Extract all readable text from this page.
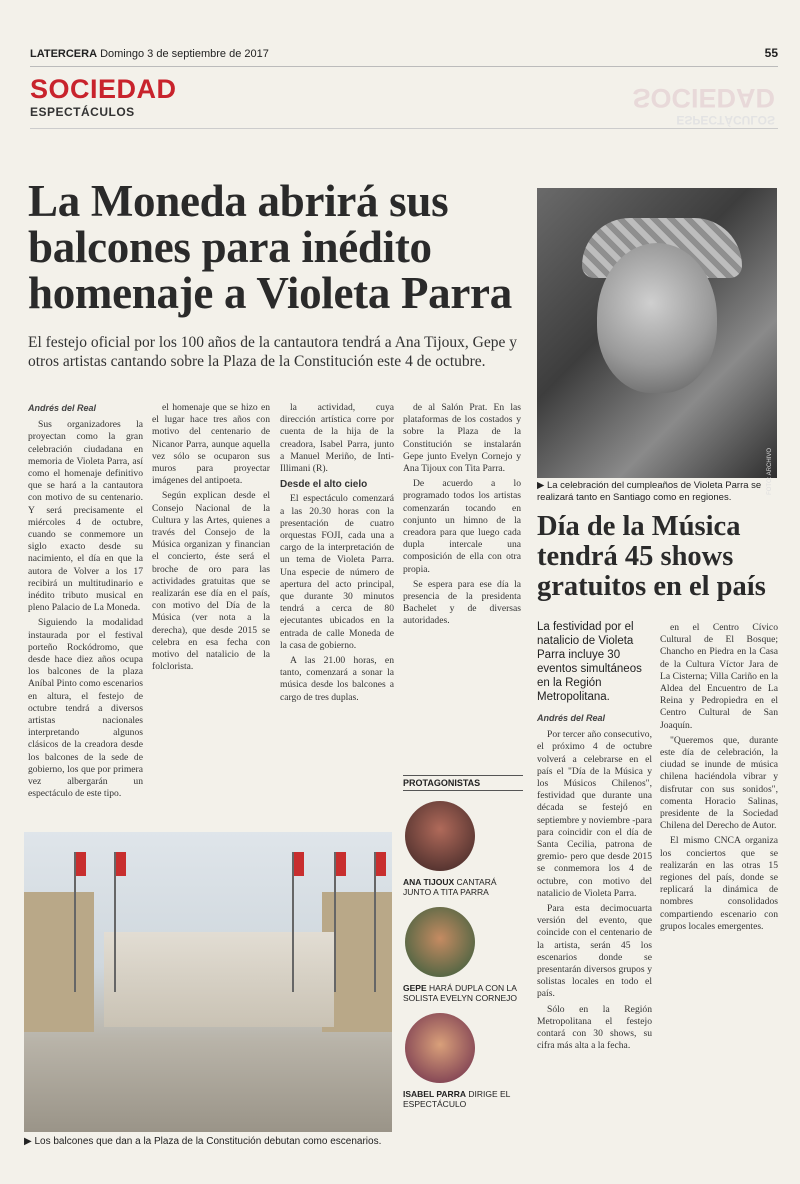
LATERCERA Domingo 3 de septiembre de 2017	55
SOCIEDAD
ESPECTÁCULOS	SOCIEDAD
ESPECTÁCULOS
La Moneda abrirá sus balcones para inédito homenaje a Violeta Parra
El festejo oficial por los 100 años de la cantautora tendrá a Ana Tijoux, Gepe y otros artistas cantando sobre la Plaza de la Constitución este 4 de octubre.
Andrés del Real

Sus organizadores la proyectan como la gran celebración ciudadana en memoria de Violeta Parra, así como el homenaje definitivo que se hará a la cantautora con motivo de su centenario. Y será precisamente el miércoles 4 de octubre, cuando se conmemore un siglo exacto desde su nacimiento, el día en que la autora de Volver a los 17 recibirá un multitudinario e inédito tributo musical en pleno Palacio de La Moneda.

Siguiendo la modalidad instaurada por el festival porteño Rockódromo, que desde hace diez años ocupa los balcones de la plaza Aníbal Pinto como escenarios en altura, el festejo de octubre tendrá a diversos artistas nacionales interpretando algunos clásicos de la creadora desde los balcones de la sede de gobierno, los que por primera vez albergarán un espectáculo de este tipo.

el homenaje que se hizo en el lugar hace tres años con motivo del centenario de Nicanor Parra, aunque aquella vez sólo se ocuparon sus muros para proyectar imágenes del antipoeta.

Según explican desde el Consejo Nacional de la Cultura y las Artes, quienes a través del Consejo de la Música organizan y financian el concierto, éste será el broche de oro para las actividades gratuitas que se realizarán ese día en el país, con motivo del Día de la Música (ver nota a la derecha), que desde 2015 se celebra en esa fecha con motivo del natalicio de la folclorista.

la actividad, cuya dirección artística corre por cuenta de la hija de la creadora, Isabel Parra, junto a Manuel Meriño, de Inti-Illimani (R).

Desde el alto cielo

El espectáculo comenzará a las 20.30 horas con la presentación de cuatro orquestas FOJI, cada una a cargo de la interpretación de un tema de Violeta Parra. Una especie de número de apertura del acto principal, que durante 30 minutos tendrá a cerca de 80 ejecutantes ubicados en la entrada de calle Moneda de la casa de gobierno.

A las 21.00 horas, en tanto, comenzará a sonar la música desde los balcones a cargo de tres duplas.

de al Salón Prat. En las plataformas de los costados y sobre la Plaza de la Constitución se instalarán Gepe junto Evelyn Cornejo y Ana Tijoux con Tita Parra.

De acuerdo a lo programado todos los artistas comenzarán tocando en conjunto un himno de la creadora para que luego cada dupla intercale una composición de ella con otra propia.

Se espera para ese día la presencia de la presidenta Bachelet y de diversas autoridades.

FOTO: ARCHIVO
▶ La celebración del cumpleaños de Violeta Parra se realizará tanto en Santiago como en regiones.
Día de la Música tendrá 45 shows gratuitos en el país
La festividad por el natalicio de Violeta Parra incluye 30 eventos simultáneos en la Región Metropolitana.
Andrés del Real

Por tercer año consecutivo, el próximo 4 de octubre volverá a celebrarse en el país el "Día de la Música y los Músicos Chilenos", festividad que durante una década se festejó en septiembre y noviembre -para para coincidir con el día de Santa Cecilia, patrona de gremio- pero que desde 2015 se conmemora los 4 de octubre, con motivo del natalicio de Violeta Parra.

Para esta decimocuarta versión del evento, que coincide con el centenario de la artista, serán 45 los escenarios donde se presentarán diversos grupos y solistas locales en todo el país.

Sólo en la Región Metropolitana el festejo contará con 30 shows, su cifra más alta a la fecha.

en el Centro Cívico Cultural de El Bosque; Chancho en Piedra en la Casa de la Cultura Víctor Jara de La Cisterna; Villa Cariño en la Aldea del Encuentro de La Reina y Pedropiedra en el Centro Cultural de San Joaquín.

"Queremos que, durante este día de celebración, la ciudad se inunde de música chilena haciéndola vibrar y disfrutar con sus sonidos", comenta Horacio Salinas, presidente de la Sociedad Chilena del Derecho de Autor.

El mismo CNCA organiza los conciertos que se realizarán en las otras 15 regiones del país, donde se replicará la dinámica de nombres consolidados compartiendo escenario con grupos locales emergentes.

PROTAGONISTAS
ANA TIJOUX CANTARÁ JUNTO A TITA PARRA
GEPE HARÁ DUPLA CON LA SOLISTA EVELYN CORNEJO
ISABEL PARRA DIRIGE EL ESPECTÁCULO
▶ Los balcones que dan a la Plaza de la Constitución debutan como escenarios.
